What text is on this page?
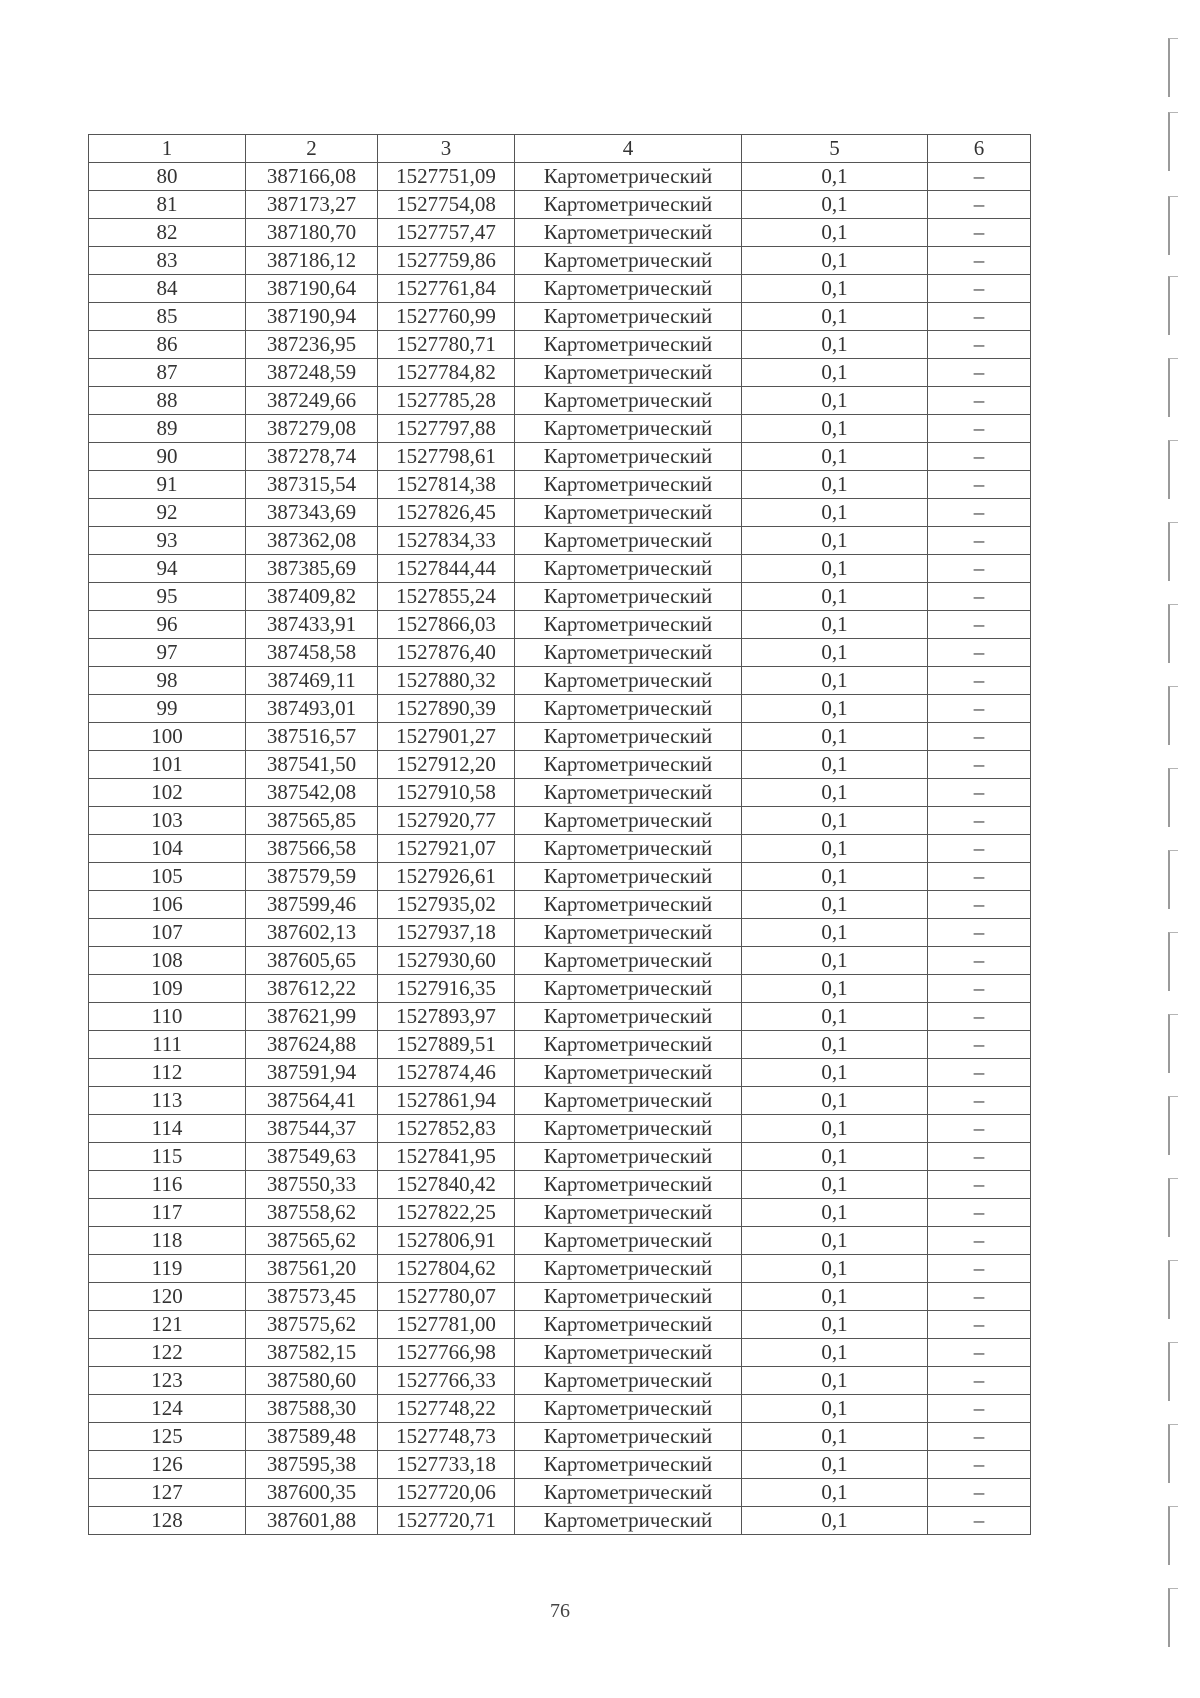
1	2	3	4	5	6
80	387166,08	1527751,09	Картометрический	0,1	–
81	387173,27	1527754,08	Картометрический	0,1	–
82	387180,70	1527757,47	Картометрический	0,1	–
83	387186,12	1527759,86	Картометрический	0,1	–
84	387190,64	1527761,84	Картометрический	0,1	–
85	387190,94	1527760,99	Картометрический	0,1	–
86	387236,95	1527780,71	Картометрический	0,1	–
87	387248,59	1527784,82	Картометрический	0,1	–
88	387249,66	1527785,28	Картометрический	0,1	–
89	387279,08	1527797,88	Картометрический	0,1	–
90	387278,74	1527798,61	Картометрический	0,1	–
91	387315,54	1527814,38	Картометрический	0,1	–
92	387343,69	1527826,45	Картометрический	0,1	–
93	387362,08	1527834,33	Картометрический	0,1	–
94	387385,69	1527844,44	Картометрический	0,1	–
95	387409,82	1527855,24	Картометрический	0,1	–
96	387433,91	1527866,03	Картометрический	0,1	–
97	387458,58	1527876,40	Картометрический	0,1	–
98	387469,11	1527880,32	Картометрический	0,1	–
99	387493,01	1527890,39	Картометрический	0,1	–
100	387516,57	1527901,27	Картометрический	0,1	–
101	387541,50	1527912,20	Картометрический	0,1	–
102	387542,08	1527910,58	Картометрический	0,1	–
103	387565,85	1527920,77	Картометрический	0,1	–
104	387566,58	1527921,07	Картометрический	0,1	–
105	387579,59	1527926,61	Картометрический	0,1	–
106	387599,46	1527935,02	Картометрический	0,1	–
107	387602,13	1527937,18	Картометрический	0,1	–
108	387605,65	1527930,60	Картометрический	0,1	–
109	387612,22	1527916,35	Картометрический	0,1	–
110	387621,99	1527893,97	Картометрический	0,1	–
111	387624,88	1527889,51	Картометрический	0,1	–
112	387591,94	1527874,46	Картометрический	0,1	–
113	387564,41	1527861,94	Картометрический	0,1	–
114	387544,37	1527852,83	Картометрический	0,1	–
115	387549,63	1527841,95	Картометрический	0,1	–
116	387550,33	1527840,42	Картометрический	0,1	–
117	387558,62	1527822,25	Картометрический	0,1	–
118	387565,62	1527806,91	Картометрический	0,1	–
119	387561,20	1527804,62	Картометрический	0,1	–
120	387573,45	1527780,07	Картометрический	0,1	–
121	387575,62	1527781,00	Картометрический	0,1	–
122	387582,15	1527766,98	Картометрический	0,1	–
123	387580,60	1527766,33	Картометрический	0,1	–
124	387588,30	1527748,22	Картометрический	0,1	–
125	387589,48	1527748,73	Картометрический	0,1	–
126	387595,38	1527733,18	Картометрический	0,1	–
127	387600,35	1527720,06	Картометрический	0,1	–
128	387601,88	1527720,71	Картометрический	0,1	–
76
